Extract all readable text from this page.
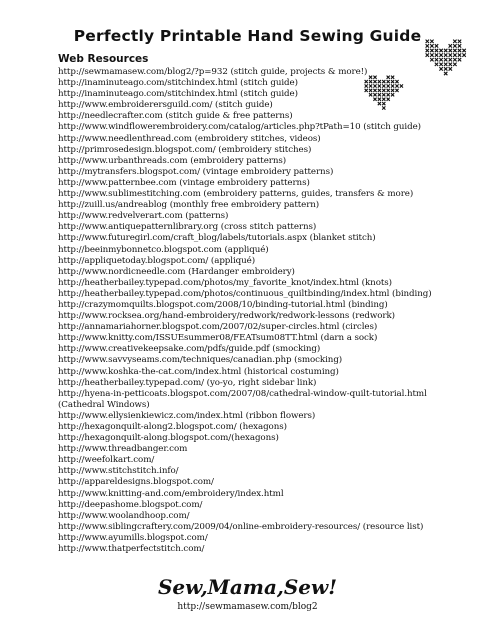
Perfectly Printable Hand Sewing Guide
Web Resources
http://sewmamasew.com/blog2/?p=932 (stitch guide, projects & more!)
http://inaminuteago.com/stitchindex.html (stitch guide)
http://inaminuteago.com/stitchindex.html (stitch guide)
http://www.embroiderersguild.com/ (stitch guide)
http://needlecrafter.com (stitch guide & free patterns)
http://www.windflowerembroidery.com/catalog/articles.php?tPath=10 (stitch guide)
http://www.needlenthread.com (embroidery stitches, videos)
http://primrosedesign.blogspot.com/ (embroidery stitches)
http://www.urbanthreads.com (embroidery patterns)
http://mytransfers.blogspot.com/ (vintage embroidery patterns)
http://www.patternbee.com (vintage embroidery patterns)
http://www.sublimestitching.com (embroidery patterns, guides, transfers & more)
http://zuill.us/andreablog (monthly free embroidery pattern)
http://www.redvelverart.com (patterns)
http://www.antiquepatternlibrary.org (cross stitch patterns)
http://www.futuregirl.com/craft_blog/labels/tutorials.aspx (blanket stitch)
http://beeinmybonnetco.blogspot.com (appliqué)
http://appliquetoday.blogspot.com/ (appliqué)
http://www.nordicneedle.com (Hardanger embroidery)
http://heatherbailey.typepad.com/photos/my_favorite_knot/index.html (knots)
http://heatherbailey.typepad.com/photos/continuous_quiltbinding/index.html (binding)
http://crazymomquilts.blogspot.com/2008/10/binding-tutorial.html (binding)
http://www.rocksea.org/hand-embroidery/redwork/redwork-lessons (redwork)
http://annamariahorner.blogspot.com/2007/02/super-circles.html (circles)
http://www.knitty.com/ISSUEsummer08/FEATsum08TT.html (darn a sock)
http://www.creativekeepsake.com/pdfs/guide.pdf (smocking)
http://www.savvyseams.com/techniques/canadian.php (smocking)
http://www.koshka-the-cat.com/index.html (historical costuming)
http://heatherbailey.typepad.com/ (yo-yo, right sidebar link)
http://hyena-in-petticoats.blogspot.com/2007/08/cathedral-window-quilt-tutorial.html
(Cathedral Windows)
http://www.ellysienkiewicz.com/index.html (ribbon flowers)
http://hexagonquilt-along2.blogspot.com/ (hexagons)
http://hexagonquilt-along.blogspot.com/(hexagons)
http://www.threadbanger.com
http://weefolkart.com/
http://www.stitchstitch.info/
http://appareldesigns.blogspot.com/
http://www.knitting-and.com/embroidery/index.html
http://deepashome.blogspot.com/
http://www.woolandhoop.com/
http://www.siblingcraftery.com/2009/04/online-embroidery-resources/ (resource list)
http://www.ayumills.blogspot.com/
http://www.thatperfectstitch.com/
Sew,Mama,Sew!
http://sewmamasew.com/blog2
